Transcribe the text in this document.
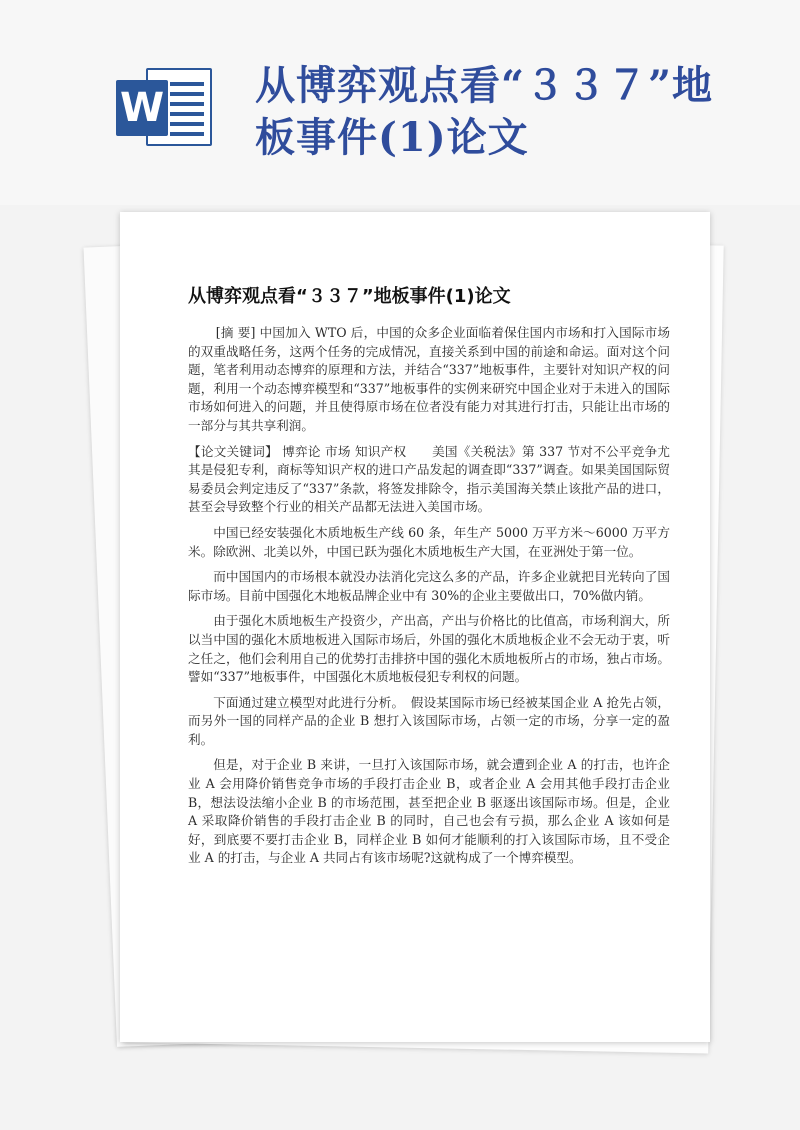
W 从博弈观点看“３３７”地板事件(1)论文
从博弈观点看“３３７”地板事件(1)论文

[摘 要] 中国加入 WTO 后，中国的众多企业面临着保住国内市场和打入国际市场的双重战略任务，这两个任务的完成情况，直接关系到中国的前途和命运。面对这个问题，笔者利用动态博弈的原理和方法，并结合“337”地板事件，主要针对知识产权的问题，利用一个动态博弈模型和“337”地板事件的实例来研究中国企业对于未进入的国际市场如何进入的问题，并且使得原市场在位者没有能力对其进行打击，只能让出市场的一部分与其共享利润。

【论文关键词】 博弈论 市场 知识产权　　美国《关税法》第 337 节对不公平竞争尤其是侵犯专利，商标等知识产权的进口产品发起的调查即“337”调查。如果美国国际贸易委员会判定违反了“337”条款，将签发排除令，指示美国海关禁止该批产品的进口，甚至会导致整个行业的相关产品都无法进入美国市场。

中国已经安装强化木质地板生产线 60 条，年生产 5000 万平方米～6000 万平方米。除欧洲、北美以外，中国已跃为强化木质地板生产大国，在亚洲处于第一位。

而中国国内的市场根本就没办法消化完这么多的产品，许多企业就把目光转向了国际市场。目前中国强化木地板品牌企业中有 30%的企业主要做出口，70%做内销。

由于强化木质地板生产投资少，产出高，产出与价格比的比值高，市场利润大，所以当中国的强化木质地板进入国际市场后，外国的强化木质地板企业不会无动于衷，听之任之，他们会利用自己的优势打击排挤中国的强化木质地板所占的市场，独占市场。譬如“337”地板事件，中国强化木质地板侵犯专利权的问题。

下面通过建立模型对此进行分析。　假设某国际市场已经被某国企业 A 抢先占领，而另外一国的同样产品的企业 B 想打入该国际市场，占领一定的市场，分享一定的盈利。

但是，对于企业 B 来讲，一旦打入该国际市场，就会遭到企业 A 的打击，也许企业 A 会用降价销售竞争市场的手段打击企业 B，或者企业 A 会用其他手段打击企业 B，想法设法缩小企业 B 的市场范围，甚至把企业 B 驱逐出该国际市场。但是，企业 A 采取降价销售的手段打击企业 B 的同时，自己也会有亏损，那么企业 A 该如何是好，到底要不要打击企业 B，同样企业 B 如何才能顺利的打入该国际市场，且不受企业 A 的打击，与企业 A 共同占有该市场呢?这就构成了一个博弈模型。
